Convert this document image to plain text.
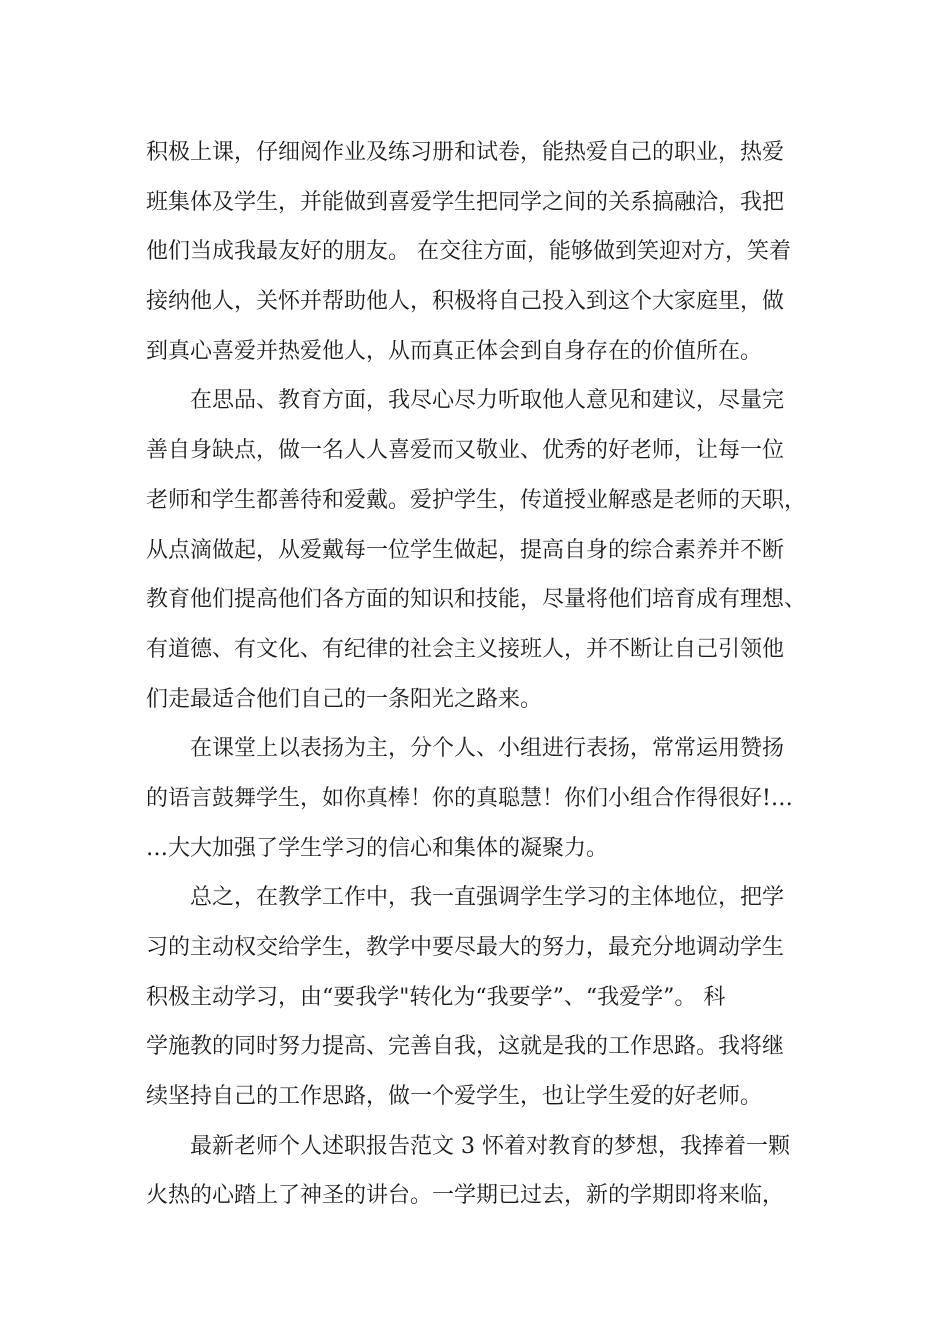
积极上课，仔细阅作业及练习册和试卷，能热爱自己的职业，热爱
班集体及学生，并能做到喜爱学生把同学之间的关系搞融洽，我把
他们当成我最友好的朋友。 在交往方面，能够做到笑迎对方，笑着
接纳他人，关怀并帮助他人，积极将自己投入到这个大家庭里，做
到真心喜爱并热爱他人，从而真正体会到自身存在的价值所在。
在思品、教育方面，我尽心尽力听取他人意见和建议，尽量完
善自身缺点，做一名人人喜爱而又敬业、优秀的好老师，让每一位
老师和学生都善待和爱戴。爱护学生，传道授业解惑是老师的天职，
从点滴做起，从爱戴每一位学生做起，提高自身的综合素养并不断
教育他们提高他们各方面的知识和技能，尽量将他们培育成有理想、
有道德、有文化、有纪律的社会主义接班人，并不断让自己引领他
们走最适合他们自己的一条阳光之路来。
在课堂上以表扬为主，分个人、小组进行表扬，常常运用赞扬
的语言鼓舞学生，如你真棒！你的真聪慧！你们小组合作得很好!…
…大大加强了学生学习的信心和集体的凝聚力。
总之，在教学工作中，我一直强调学生学习的主体地位，把学
习的主动权交给学生，教学中要尽最大的努力，最充分地调动学生
积极主动学习，由“要我学"转化为“我要学”、“我爱学”。 科
学施教的同时努力提高、完善自我，这就是我的工作思路。我将继
续坚持自己的工作思路，做一个爱学生，也让学生爱的好老师。
最新老师个人述职报告范文 3 怀着对教育的梦想，我捧着一颗
火热的心踏上了神圣的讲台。一学期已过去，新的学期即将来临，
